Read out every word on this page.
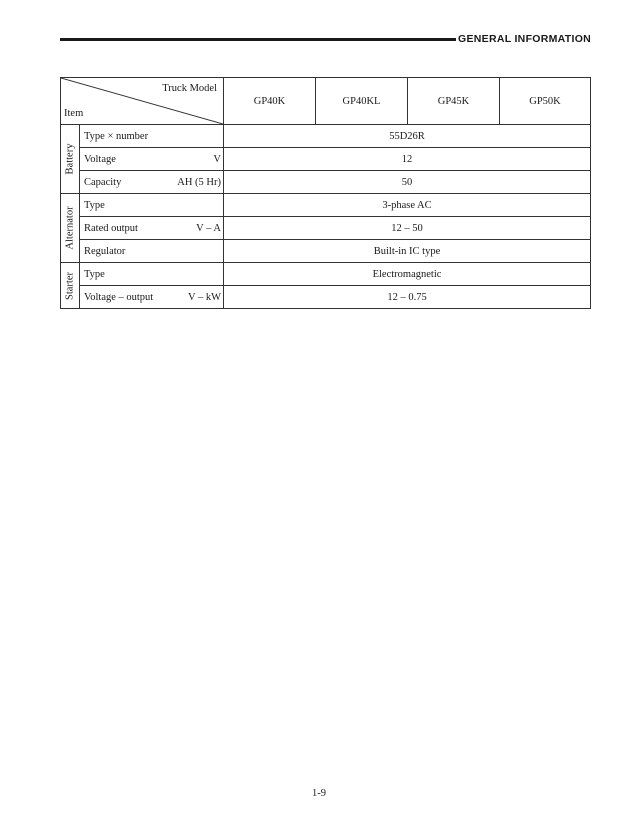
GENERAL INFORMATION
Truck Model
Item		GP40K	GP40KL	GP45K	GP50K

Battery	Type × number	55D26R			

	Voltage V	12			

	Capacity AH (5 Hr)	50			

Alternator	Type	3-phase AC			

	Rated output V – A	12 – 50			

	Regulator	Built-in IC type			

Starter	Type	Electromagnetic			

	Voltage – output V – kW	12 – 0.75			
1-9
